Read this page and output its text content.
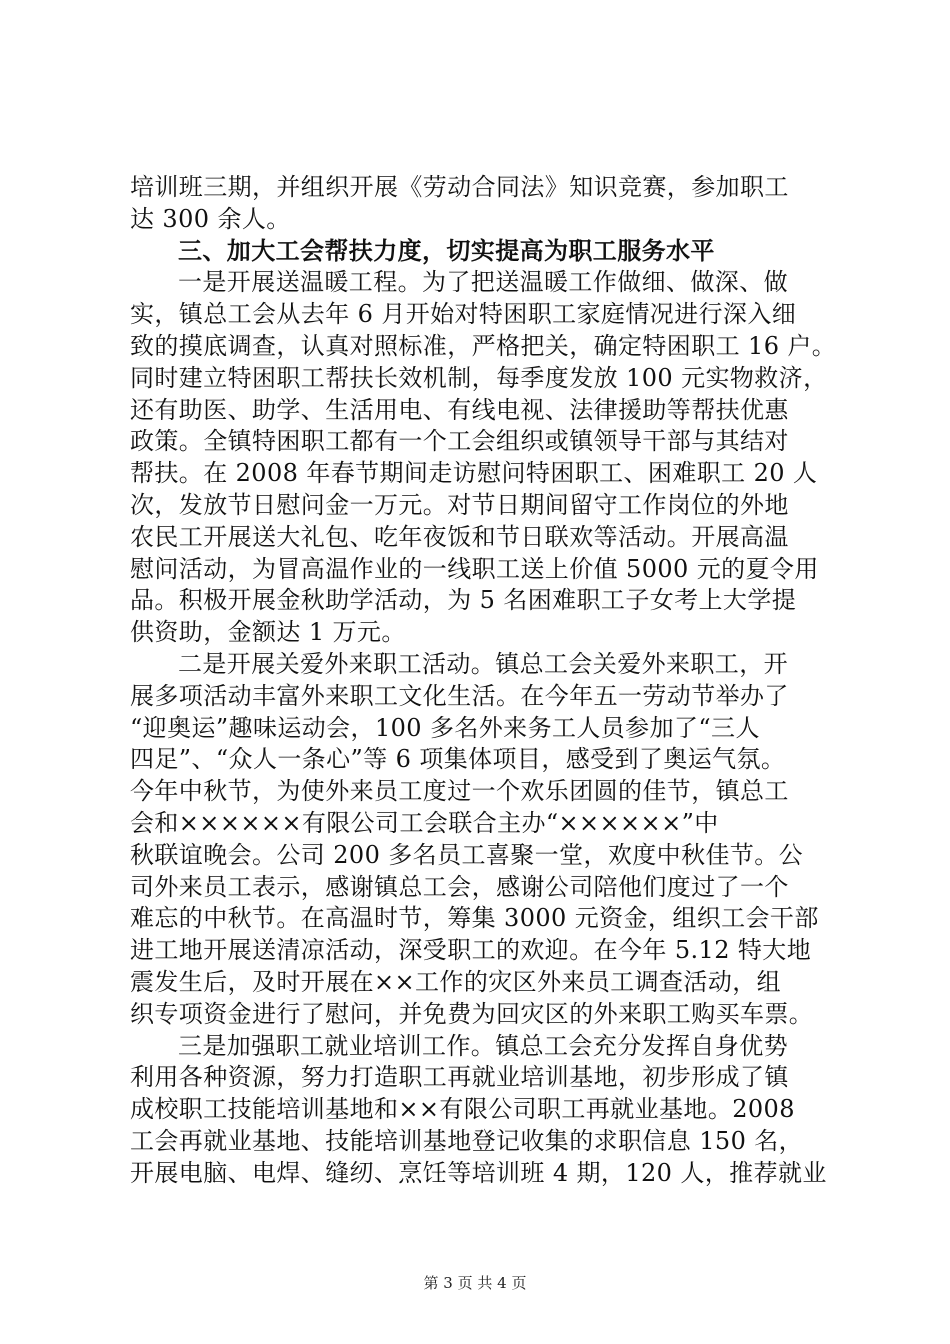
培训班三期，并组织开展《劳动合同法》知识竞赛，参加职工
达 300 余人。
三、加大工会帮扶力度，切实提高为职工服务水平
一是开展送温暖工程。为了把送温暖工作做细、做深、做
实，镇总工会从去年 6 月开始对特困职工家庭情况进行深入细
致的摸底调查，认真对照标准，严格把关，确定特困职工 16 户。
同时建立特困职工帮扶长效机制，每季度发放 100 元实物救济，
还有助医、助学、生活用电、有线电视、法律援助等帮扶优惠
政策。全镇特困职工都有一个工会组织或镇领导干部与其结对
帮扶。在 2008 年春节期间走访慰问特困职工、困难职工 20 人
次，发放节日慰问金一万元。对节日期间留守工作岗位的外地
农民工开展送大礼包、吃年夜饭和节日联欢等活动。开展高温
慰问活动，为冒高温作业的一线职工送上价值 5000 元的夏令用
品。积极开展金秋助学活动，为 5 名困难职工子女考上大学提
供资助，金额达 1 万元。
二是开展关爱外来职工活动。镇总工会关爱外来职工，开
展多项活动丰富外来职工文化生活。在今年五一劳动节举办了
“迎奥运”趣味运动会，100 多名外来务工人员参加了“三人
四足”、“众人一条心”等 6 项集体项目，感受到了奥运气氛。
今年中秋节，为使外来员工度过一个欢乐团圆的佳节，镇总工
会和××××××有限公司工会联合主办“××××××”中
秋联谊晚会。公司 200 多名员工喜聚一堂，欢度中秋佳节。公
司外来员工表示，感谢镇总工会，感谢公司陪他们度过了一个
难忘的中秋节。在高温时节，筹集 3000 元资金，组织工会干部
进工地开展送清凉活动，深受职工的欢迎。在今年 5.12 特大地
震发生后，及时开展在××工作的灾区外来员工调查活动，组
织专项资金进行了慰问，并免费为回灾区的外来职工购买车票。
三是加强职工就业培训工作。镇总工会充分发挥自身优势
利用各种资源，努力打造职工再就业培训基地，初步形成了镇
成校职工技能培训基地和××有限公司职工再就业基地。2008
工会再就业基地、技能培训基地登记收集的求职信息 150 名，
开展电脑、电焊、缝纫、烹饪等培训班 4 期，120 人，推荐就业
第 3 页 共 4 页
